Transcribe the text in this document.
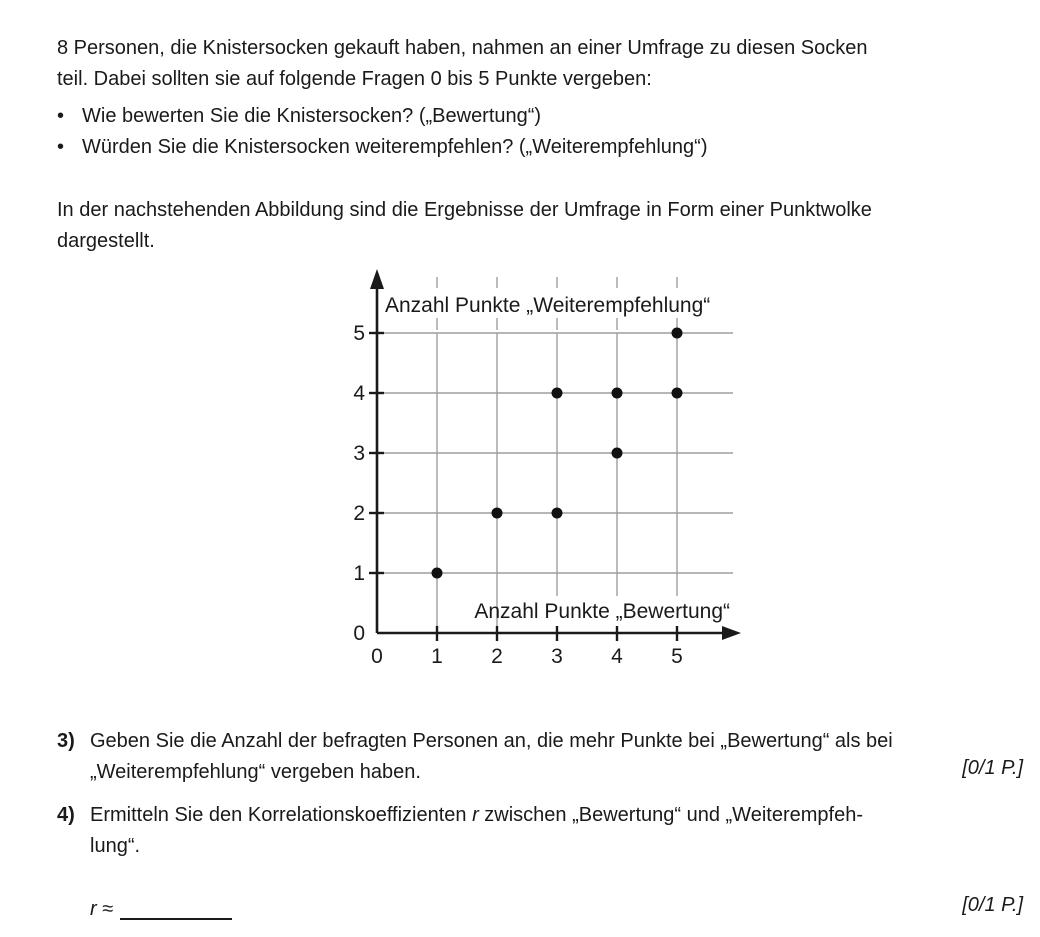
8 Personen, die Knistersocken gekauft haben, nahmen an einer Umfrage zu diesen Socken
teil. Dabei sollten sie auf folgende Fragen 0 bis 5 Punkte vergeben:
• Wie bewerten Sie die Knistersocken? („Bewertung“)
• Würden Sie die Knistersocken weiterempfehlen? („Weiterempfehlung“)
In der nachstehenden Abbildung sind die Ergebnisse der Umfrage in Form einer Punktwolke
dargestellt.
Anzahl Punkte „Weiterempfehlung“
Anzahl Punkte „Bewertung“
0 1 2 3 4 5
0
1
2
3
4
5
3) Geben Sie die Anzahl der befragten Personen an, die mehr Punkte bei „Bewertung“ als bei
„Weiterempfehlung“ vergeben haben.	[0/1 P.]
4) Ermitteln Sie den Korrelationskoeffizienten r zwischen „Bewertung“ und „Weiterempfeh-
lung“.
r ≈	[0/1 P.]
